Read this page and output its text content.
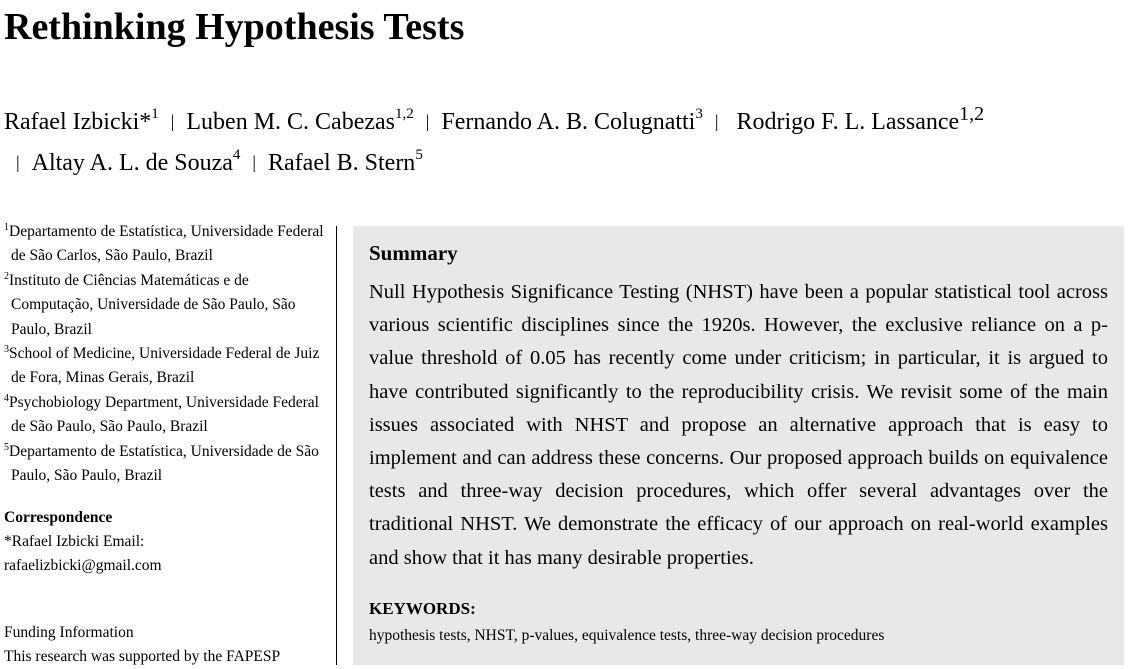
Rethinking Hypothesis Tests
Rafael Izbicki*$^1$ | Luben M. C. Cabezas$^{1,2}$ | Fernando A. B. Colugnatti$^3$ | Rodrigo F. L. Lassance$^{1,2}$| Altay A. L. de Souza$^4$ | Rafael B. Stern$^5$
$^1$Departamento de Estatística, Universidade Federal de São Carlos, São Paulo, Brazil
$^2$Instituto de Ciências Matemáticas e de Computação, Universidade de São Paulo, São Paulo, Brazil
$^3$School of Medicine, Universidade Federal de Juiz de Fora, Minas Gerais, Brazil
$^4$Psychobiology Department, Universidade Federal de São Paulo, São Paulo, Brazil
$^5$Departamento de Estatística, Universidade de São Paulo, São Paulo, Brazil
Correspondence
*Rafael Izbicki Email:
rafaelizbicki@gmail.com
Funding Information
This research was supported by the FAPESP
Summary
Null Hypothesis Significance Testing (NHST) have been a popular statistical tool across various scientific disciplines since the 1920s. However, the exclusive reliance on a p-value threshold of 0.05 has recently come under criticism; in particular, it is argued to have contributed significantly to the reproducibility crisis. We revisit some of the main issues associated with NHST and propose an alternative approach that is easy to implement and can address these concerns. Our proposed approach builds on equivalence tests and three-way decision procedures, which offer several advantages over the traditional NHST. We demonstrate the efficacy of our approach on real-world examples and show that it has many desirable properties.
KEYWORDS:
hypothesis tests, NHST, p-values, equivalence tests, three-way decision procedures
